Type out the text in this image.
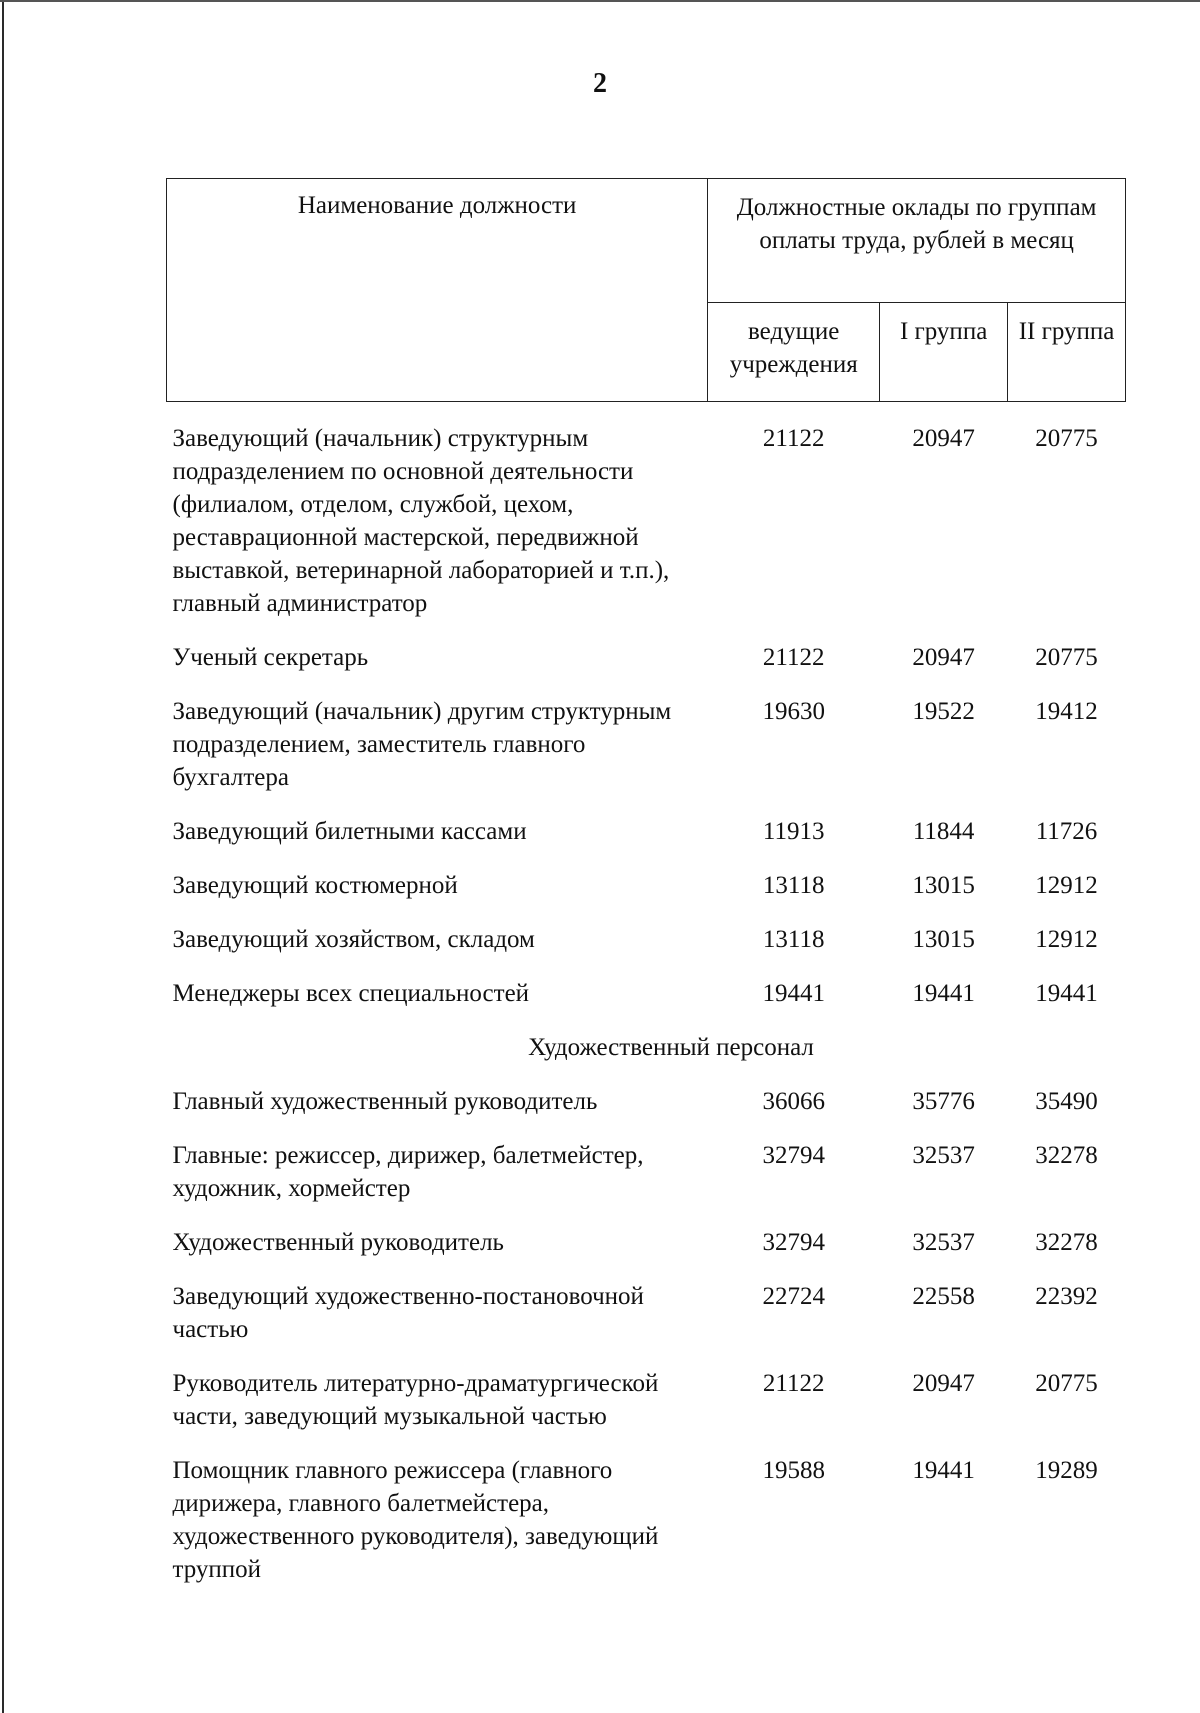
2
Наименование должности	Должностные оклады по группам оплаты труда, рублей в месяц		
	ведущие учреждения	I группа	II группа
Заведующий (начальник) структурным подразделением по основной деятельности (филиалом, отделом, службой, цехом, реставрационной мастерской, передвижной выставкой, ветеринарной лабораторией и т.п.), главный администратор	21122	20947	20775
Ученый секретарь	21122	20947	20775
Заведующий (начальник) другим структурным подразделением, заместитель главного бухгалтера	19630	19522	19412
Заведующий билетными кассами	11913	11844	11726
Заведующий костюмерной	13118	13015	12912
Заведующий хозяйством, складом	13118	13015	12912
Менеджеры всех специальностей	19441	19441	19441
Художественный персонал			
Главный художественный руководитель	36066	35776	35490
Главные: режиссер, дирижер, балетмейстер, художник, хормейстер	32794	32537	32278
Художественный руководитель	32794	32537	32278
Заведующий художественно-постановочной частью	22724	22558	22392
Руководитель литературно-драматургической части, заведующий музыкальной частью	21122	20947	20775
Помощник главного режиссера (главного дирижера, главного балетмейстера, художественного руководителя), заведующий труппой	19588	19441	19289
